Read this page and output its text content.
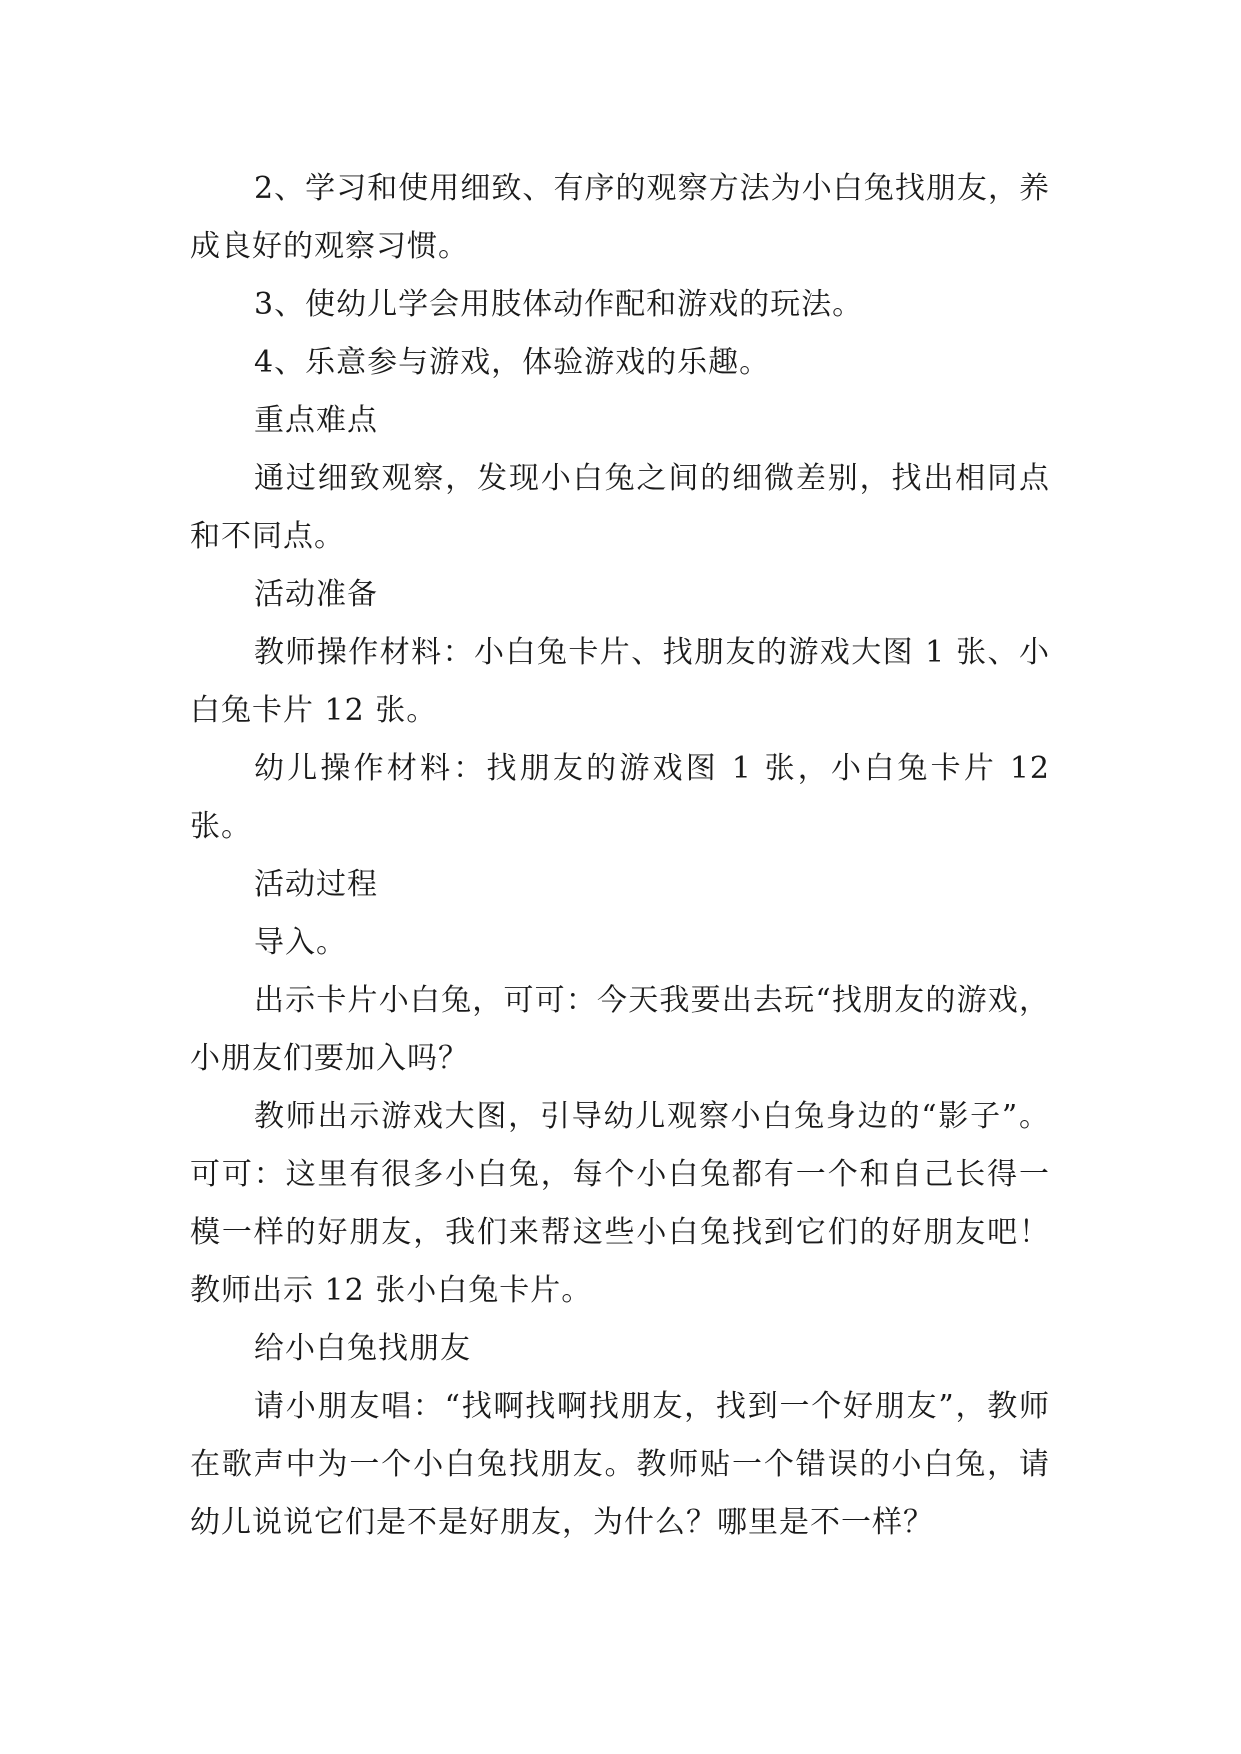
2、学习和使用细致、有序的观察方法为小白兔找朋友，养成良好的观察习惯。

3、使幼儿学会用肢体动作配和游戏的玩法。

4、乐意参与游戏，体验游戏的乐趣。

重点难点

通过细致观察，发现小白兔之间的细微差别，找出相同点和不同点。

活动准备

教师操作材料：小白兔卡片、找朋友的游戏大图 1 张、小白兔卡片 12 张。

幼儿操作材料：找朋友的游戏图 1 张，小白兔卡片 12 张。

活动过程

导入。

出示卡片小白兔，可可：今天我要出去玩“找朋友的游戏，小朋友们要加入吗？

教师出示游戏大图，引导幼儿观察小白兔身边的“影子”。可可：这里有很多小白兔，每个小白兔都有一个和自己长得一模一样的好朋友，我们来帮这些小白兔找到它们的好朋友吧！教师出示 12 张小白兔卡片。

给小白兔找朋友

请小朋友唱：“找啊找啊找朋友，找到一个好朋友”，教师在歌声中为一个小白兔找朋友。教师贴一个错误的小白兔，请幼儿说说它们是不是好朋友，为什么？哪里是不一样？
